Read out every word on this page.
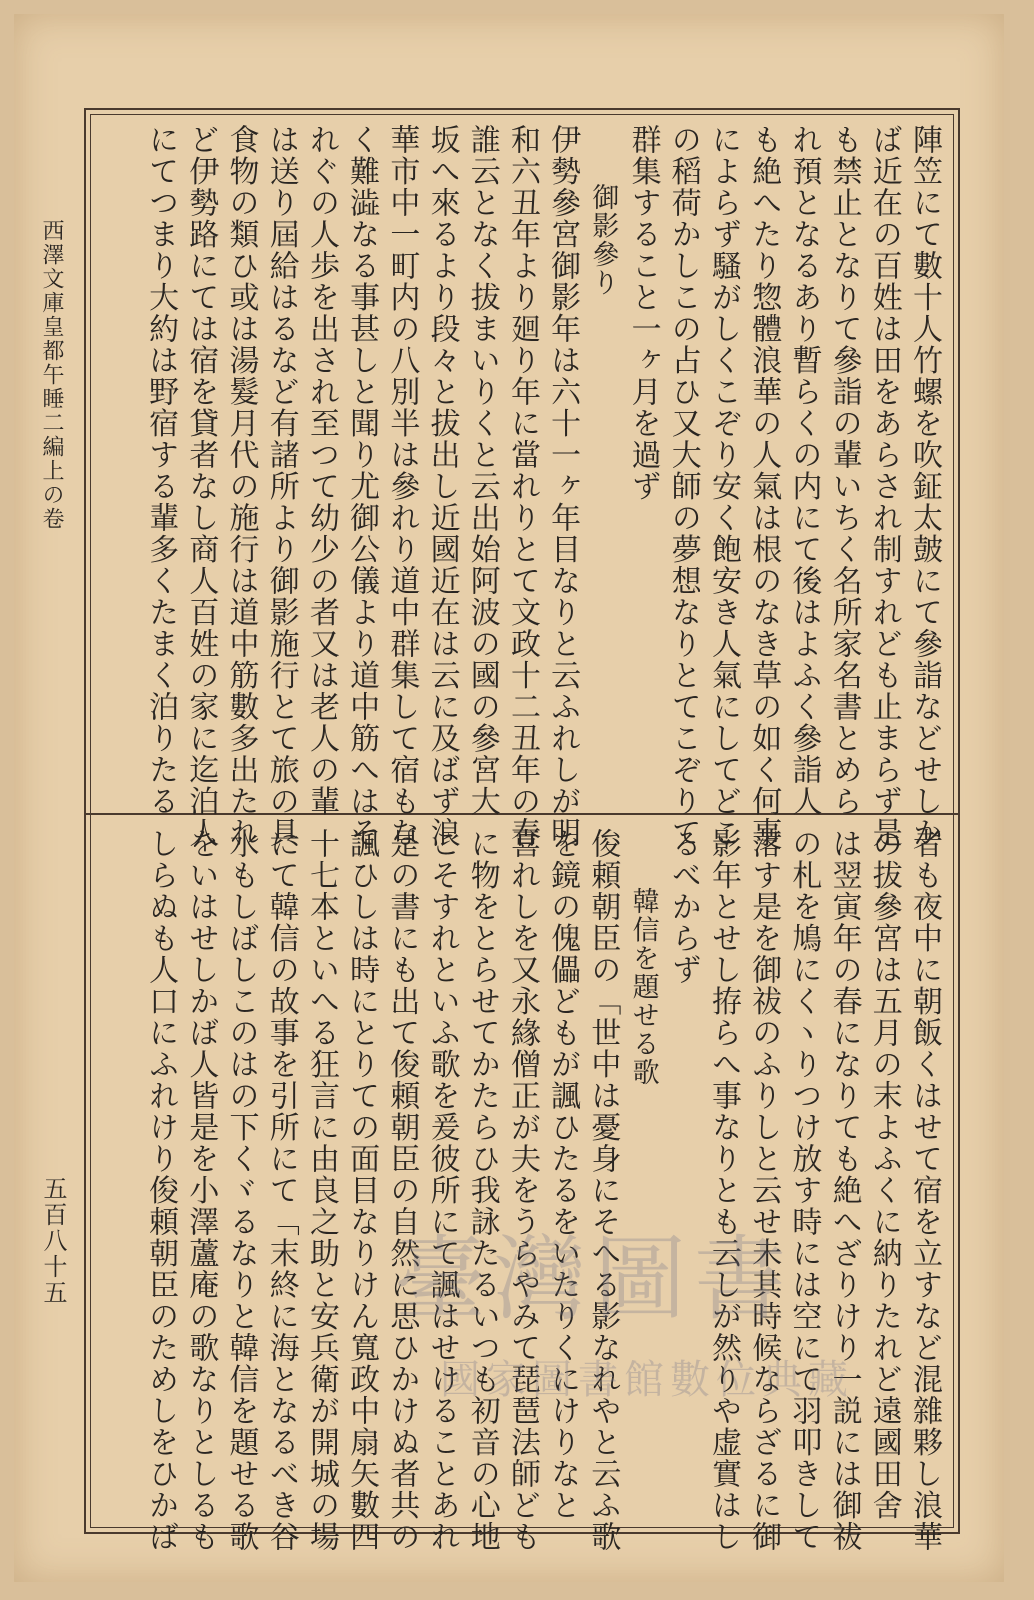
西澤文庫皇都午睡二編上の卷
五百八十五
陣笠にて數十人竹螺を吹鉦太皷にて參詣などせしか
ば近在の百姓は田をあらされ制すれども止まらず是
も禁止となりて參詣の輩いちく名所家名書とめら
れ預となるあり暫らくの内にて後はよふく參詣人
も絶へたり惣體浪華の人氣は根のなき草の如く何事
によらず騷がしくこぞり安く飽安き人氣にしてどこ
の稻荷かしこの占ひ又大師の夢想なりとてこぞりて
群集すること一ヶ月を過ず
御影參り
伊勢參宮御影年は六十一ヶ年目なりと云ふれしが明
和六丑年より廻り年に當れりとて文政十二丑年の春
誰云となく拔まいりくと云出始阿波の國の參宮大
坂へ來るより段々と拔出し近國近在は云に及ばず浪
華市中一町内の八別半は參れり道中群集して宿もな
く難澁なる事甚しと聞り尤御公儀より道中筋へはそ
れぐの人歩を出され至つて幼少の者又は老人の輩
は送り屆給はるなど有諸所より御影施行とて旅の具
食物の類ひ或は湯髮月代の施行は道中筋數多出たれ
ど伊勢路にては宿を貸者なし商人百姓の家に迄泊人
にてつまり大約は野宿する輩多くたまく泊りたる
者も夜中に朝飯くはせて宿を立すなど混雜夥し浪華
の拔參宮は五月の末よふくに納りたれど遠國田舍
は翌寅年の春になりても絶へざりけり一説には御祓
の札を鳩にくヽりつけ放す時には空にて羽叩きして
落す是を御祓のふりしと云せ未其時候ならざるに御
影年とせし拵らへ事なりとも云しが然りや虚實はし
るべからず
韓信を題せる歌
俊頼朝臣の「世中は憂身にそへる影なれやと云ふ歌
を鏡の傀儡どもが諷ひたるをいたりくにけりなと
喜れしを又永緣僧正が夫をうらやみて琵琶法師ども
に物をとらせてかたらひ我詠たるいつも初音の心地
こそすれといふ歌を爰彼所にて諷はせけることあれ
是の書にも出て俊頼朝臣の自然に思ひかけぬ者共の
諷ひしは時にとりての面目なりけん寬政中扇矢數四
十七本といへる狂言に由良之助と安兵衛が開城の場
にて韓信の故事を引所にて「末終に海となるべき谷
水もしばしこのはの下くヾるなりと韓信を題せる歌
をいはせしかば人皆是を小澤蘆庵の歌なりとしるも
しらぬも人口にふれけり俊頼朝臣のためしをひかば 臺灣圖書
國家圖書館數位典藏
